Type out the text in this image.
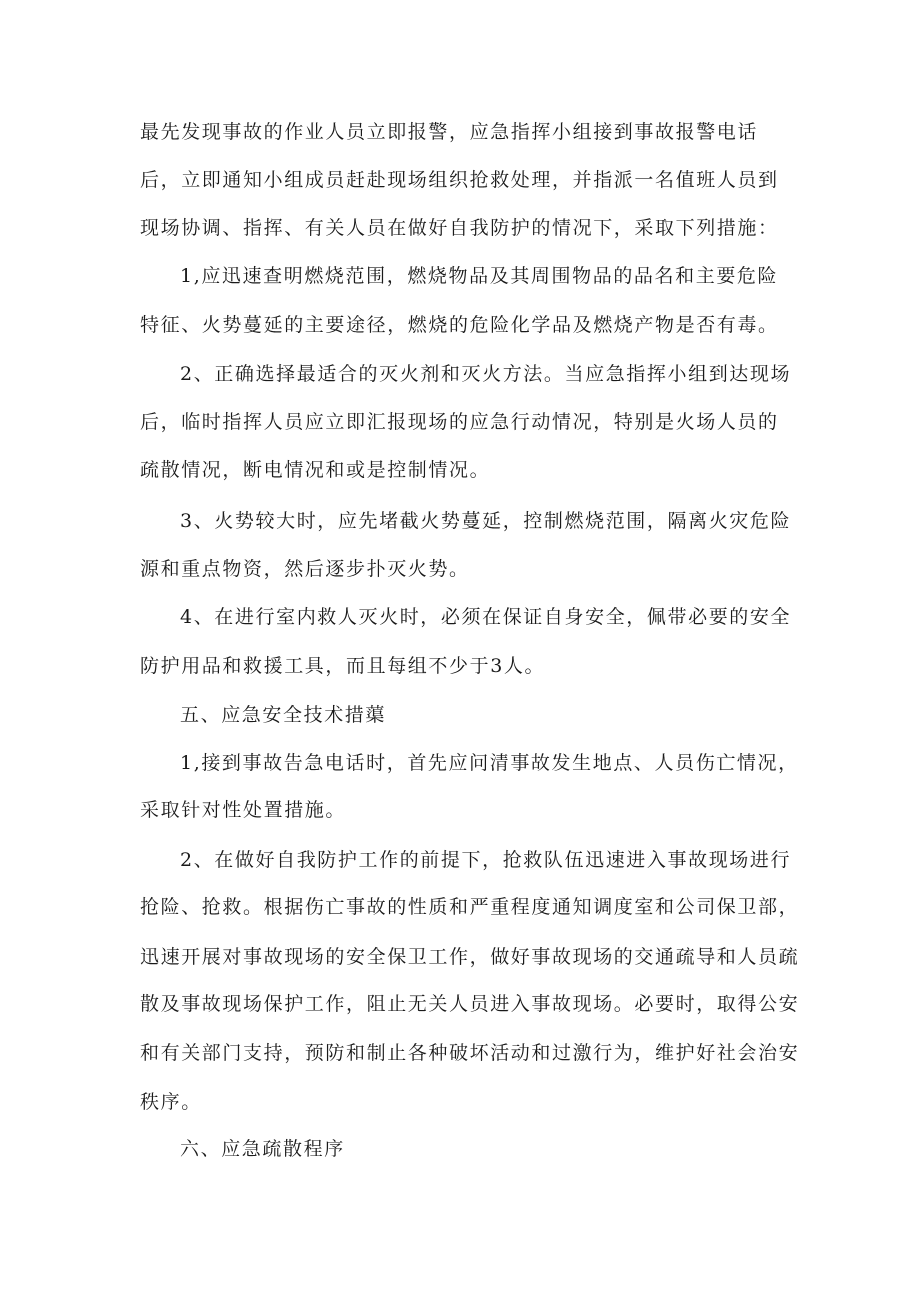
最先发现事故的作业人员立即报警，应急指挥小组接到事故报警电话
后，立即通知小组成员赶赴现场组织抢救处理，并指派一名值班人员到
现场协调、指挥、有关人员在做好自我防护的情况下，采取下列措施：
1,应迅速查明燃烧范围，燃烧物品及其周围物品的品名和主要危险
特征、火势蔓延的主要途径，燃烧的危险化学品及燃烧产物是否有毒。
2、正确选择最适合的灭火剂和灭火方法。当应急指挥小组到达现场
后，临时指挥人员应立即汇报现场的应急行动情况，特别是火场人员的
疏散情况，断电情况和或是控制情况。
3、火势较大时，应先堵截火势蔓延，控制燃烧范围，隔离火灾危险
源和重点物资，然后逐步扑灭火势。
4、在进行室内救人灭火时，必须在保证自身安全，佩带必要的安全
防护用品和救援工具，而且每组不少于3人。
五、应急安全技术措蕖
1,接到事故告急电话时，首先应问清事故发生地点、人员伤亡情况，
采取针对性处置措施。
2、在做好自我防护工作的前提下，抢救队伍迅速进入事故现场进行
抢险、抢救。根据伤亡事故的性质和严重程度通知调度室和公司保卫部，
迅速开展对事故现场的安全保卫工作，做好事故现场的交通疏导和人员疏
散及事故现场保护工作，阻止无关人员进入事故现场。必要时，取得公安
和有关部门支持，预防和制止各种破坏活动和过激行为，维护好社会治安
秩序。
六、应急疏散程序
